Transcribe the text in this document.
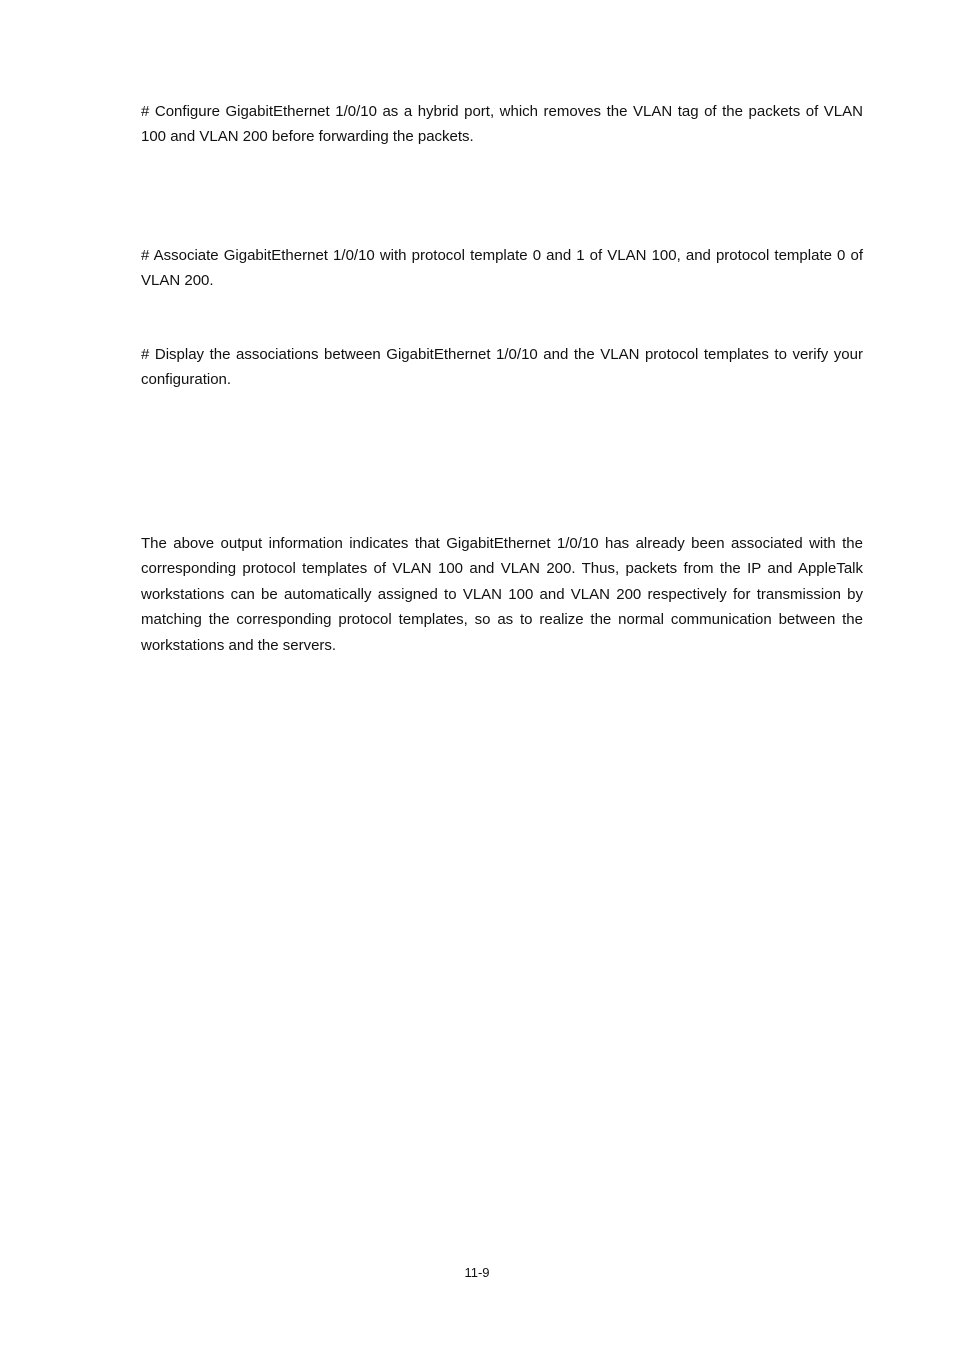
# Configure GigabitEthernet 1/0/10 as a hybrid port, which removes the VLAN tag of the packets of VLAN 100 and VLAN 200 before forwarding the packets.

# Associate GigabitEthernet 1/0/10 with protocol template 0 and 1 of VLAN 100, and protocol template 0 of VLAN 200.

# Display the associations between GigabitEthernet 1/0/10 and the VLAN protocol templates to verify your configuration.

The above output information indicates that GigabitEthernet 1/0/10 has already been associated with the corresponding protocol templates of VLAN 100 and VLAN 200. Thus, packets from the IP and AppleTalk workstations can be automatically assigned to VLAN 100 and VLAN 200 respectively for transmission by matching the corresponding protocol templates, so as to realize the normal communication between the workstations and the servers.

11-9
